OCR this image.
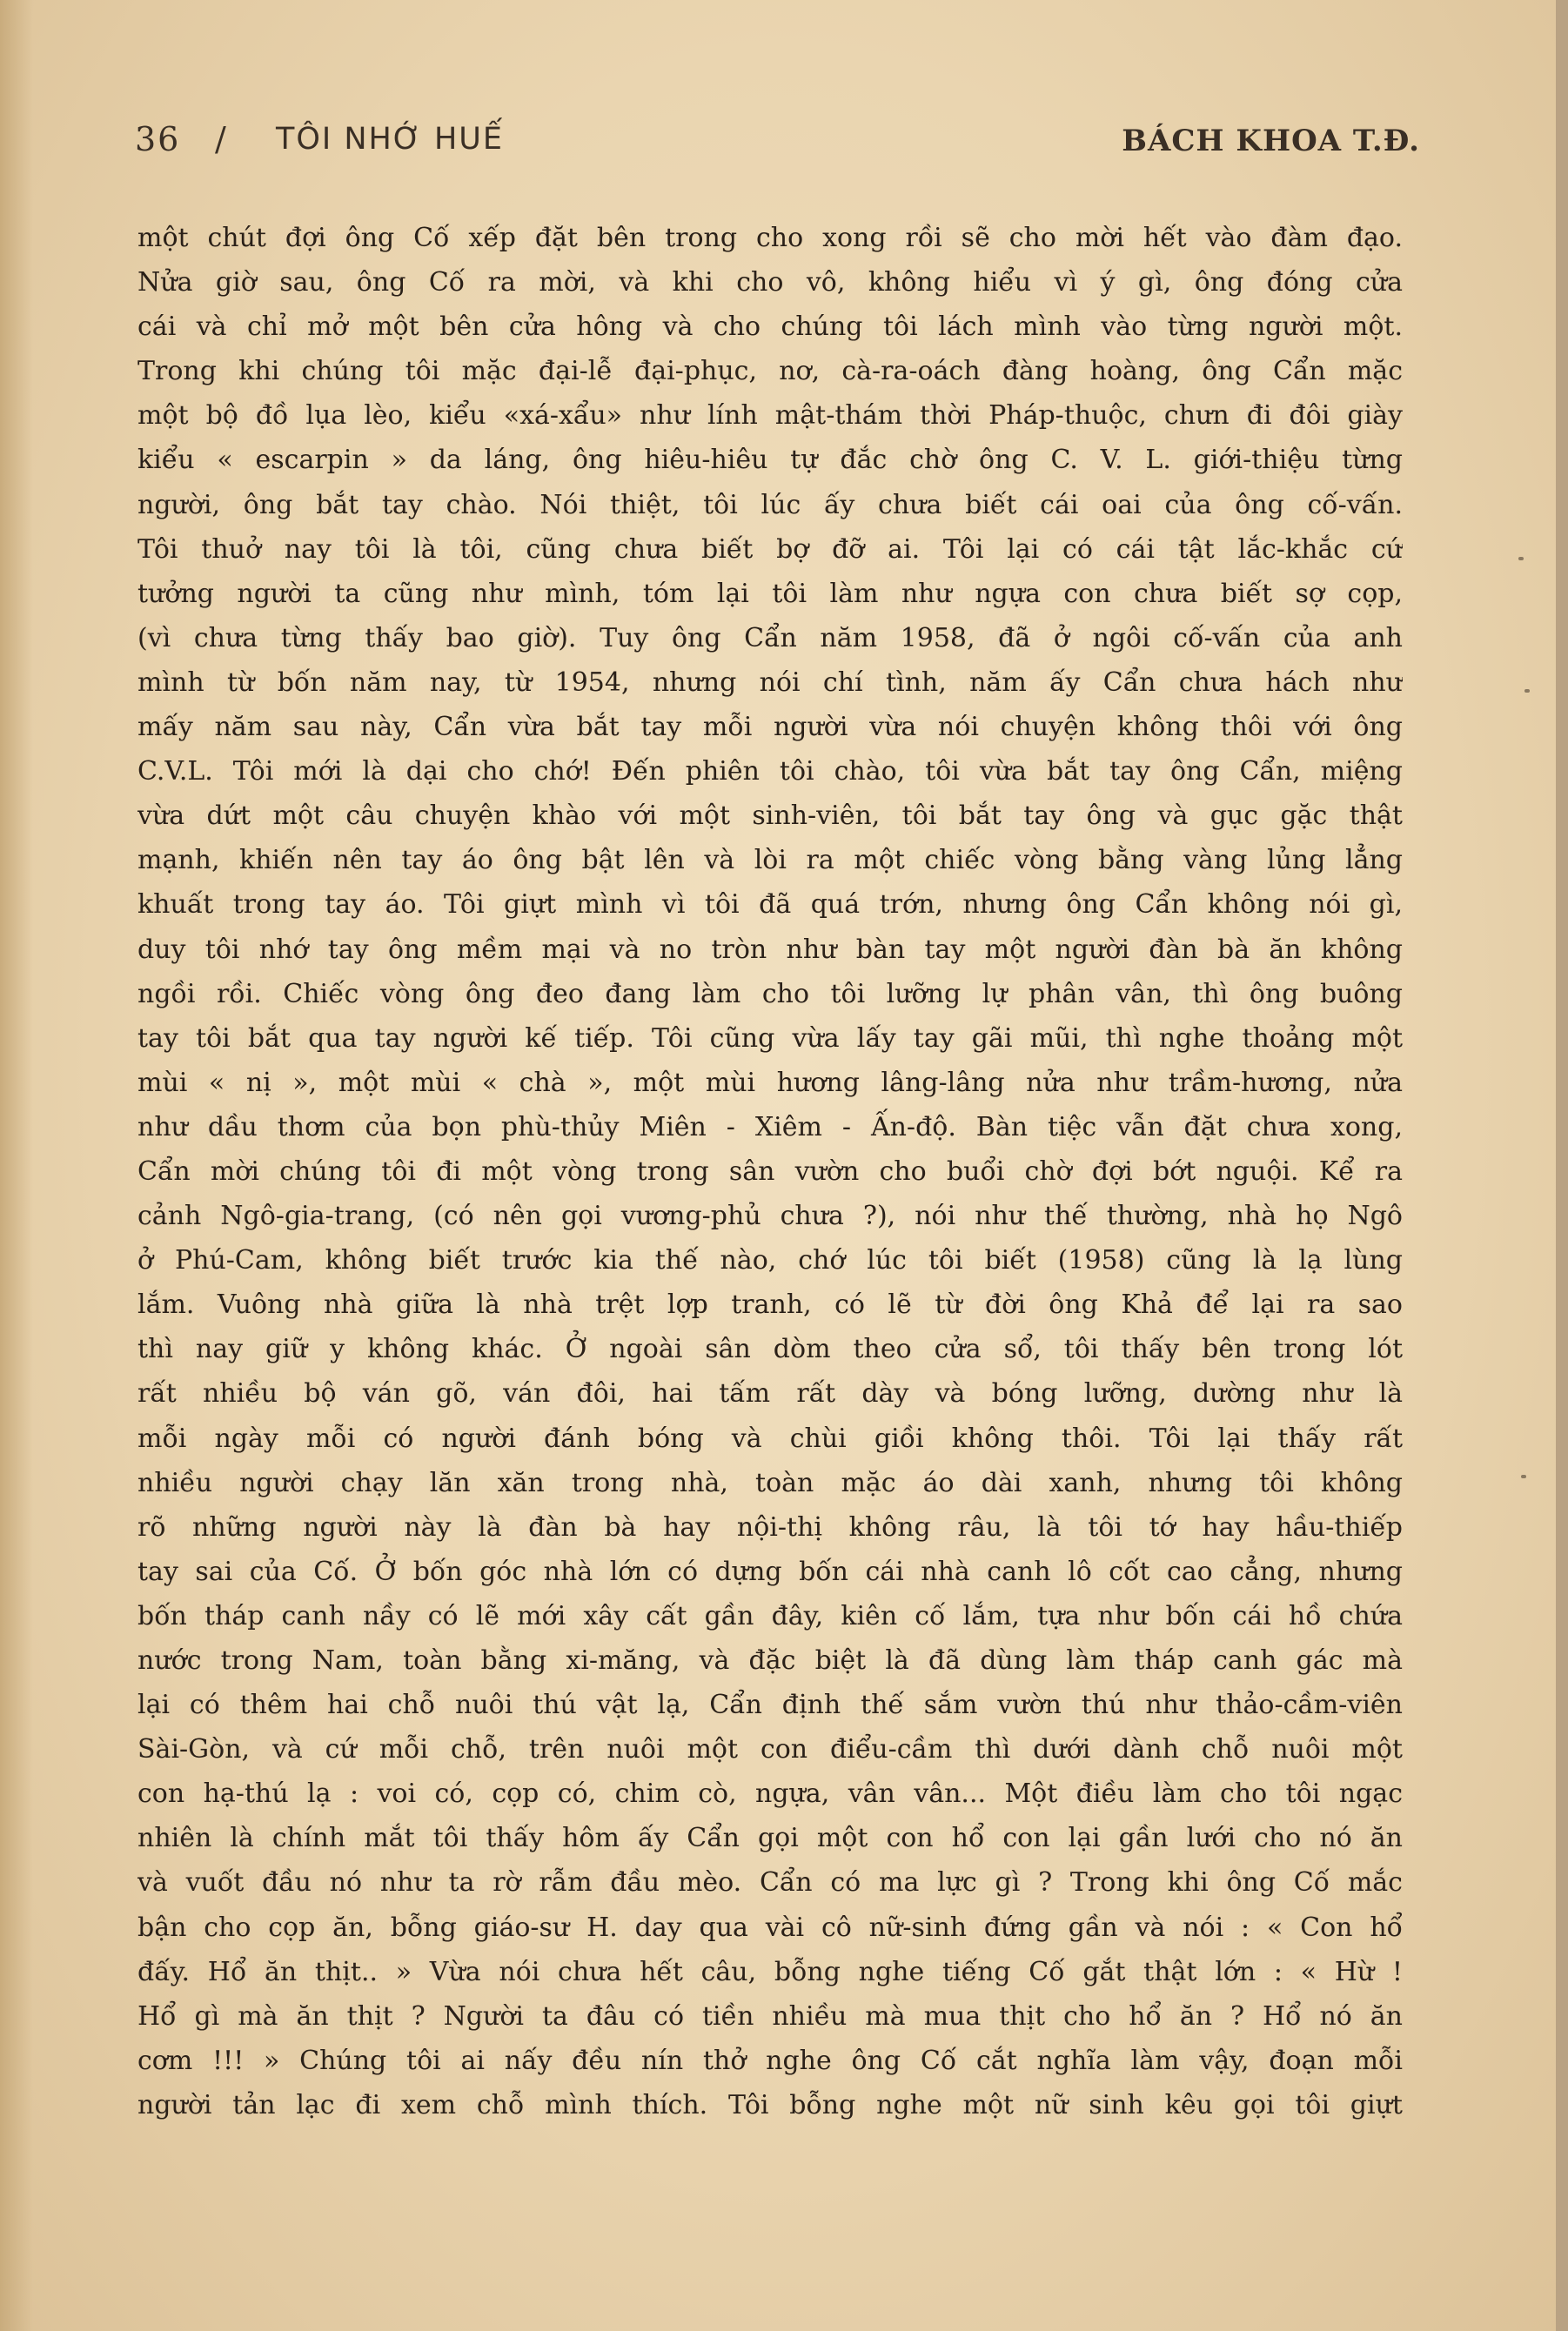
36 / TÔI NHỚ HUẾ	BÁCH KHOA T.Đ.
một chút đợi ông Cố xếp đặt bên trong cho xong rồi sẽ cho mời hết vào đàm đạo.
Nửa giờ sau, ông Cố ra mời, và khi cho vô, không hiểu vì ý gì, ông đóng cửa
cái và chỉ mở một bên cửa hông và cho chúng tôi lách mình vào từng người một.
Trong khi chúng tôi mặc đại-lễ đại-phục, nơ, cà-ra-oách đàng hoàng, ông Cẩn mặc
một bộ đồ lụa lèo, kiểu «xá-xẩu» như lính mật-thám thời Pháp-thuộc, chưn đi đôi giày
kiểu « escarpin » da láng, ông hiêu-hiêu tự đắc chờ ông C. V. L. giới-thiệu từng
người, ông bắt tay chào. Nói thiệt, tôi lúc ấy chưa biết cái oai của ông cố-vấn.
Tôi thuở nay tôi là tôi, cũng chưa biết bợ đỡ ai. Tôi lại có cái tật lắc-khắc cứ
tưởng người ta cũng như mình, tóm lại tôi làm như ngựa con chưa biết sợ cọp,
(vì chưa từng thấy bao giờ). Tuy ông Cẩn năm 1958, đã ở ngôi cố-vấn của anh
mình từ bốn năm nay, từ 1954, nhưng nói chí tình, năm ấy Cẩn chưa hách như
mấy năm sau này, Cẩn vừa bắt tay mỗi người vừa nói chuyện không thôi với ông
C.V.L. Tôi mới là dại cho chớ! Đến phiên tôi chào, tôi vừa bắt tay ông Cẩn, miệng
vừa dứt một câu chuyện khào với một sinh-viên, tôi bắt tay ông và gục gặc thật
mạnh, khiến nên tay áo ông bật lên và lòi ra một chiếc vòng bằng vàng lủng lẳng
khuất trong tay áo. Tôi giựt mình vì tôi đã quá trớn, nhưng ông Cẩn không nói gì,
duy tôi nhớ tay ông mềm mại và no tròn như bàn tay một người đàn bà ăn không
ngồi rồi. Chiếc vòng ông đeo đang làm cho tôi lưỡng lự phân vân, thì ông buông
tay tôi bắt qua tay người kế tiếp. Tôi cũng vừa lấy tay gãi mũi, thì nghe thoảng một
mùi « nị », một mùi « chà », một mùi hương lâng-lâng nửa như trầm-hương, nửa
như dầu thơm của bọn phù-thủy Miên - Xiêm - Ấn-độ. Bàn tiệc vẫn đặt chưa xong,
Cẩn mời chúng tôi đi một vòng trong sân vườn cho buổi chờ đợi bớt nguội. Kể ra
cảnh Ngô-gia-trang, (có nên gọi vương-phủ chưa ?), nói như thế thường, nhà họ Ngô
ở Phú-Cam, không biết trước kia thế nào, chớ lúc tôi biết (1958) cũng là lạ lùng
lắm. Vuông nhà giữa là nhà trệt lợp tranh, có lẽ từ đời ông Khả để lại ra sao
thì nay giữ y không khác. Ở ngoài sân dòm theo cửa sổ, tôi thấy bên trong lót
rất nhiều bộ ván gõ, ván đôi, hai tấm rất dày và bóng lưỡng, dường như là
mỗi ngày mỗi có người đánh bóng và chùi giồi không thôi. Tôi lại thấy rất
nhiều người chạy lăn xăn trong nhà, toàn mặc áo dài xanh, nhưng tôi không
rõ những người này là đàn bà hay nội-thị không râu, là tôi tớ hay hầu-thiếp
tay sai của Cố. Ở bốn góc nhà lớn có dựng bốn cái nhà canh lô cốt cao cẳng, nhưng
bốn tháp canh nầy có lẽ mới xây cất gần đây, kiên cố lắm, tựa như bốn cái hồ chứa
nước trong Nam, toàn bằng xi-măng, và đặc biệt là đã dùng làm tháp canh gác mà
lại có thêm hai chỗ nuôi thú vật lạ, Cẩn định thế sắm vườn thú như thảo-cầm-viên
Sài-Gòn, và cứ mỗi chỗ, trên nuôi một con điểu-cầm thì dưới dành chỗ nuôi một
con hạ-thú lạ : voi có, cọp có, chim cò, ngựa, vân vân... Một điều làm cho tôi ngạc
nhiên là chính mắt tôi thấy hôm ấy Cẩn gọi một con hổ con lại gần lưới cho nó ăn
và vuốt đầu nó như ta rờ rẫm đầu mèo. Cẩn có ma lực gì ? Trong khi ông Cố mắc
bận cho cọp ăn, bỗng giáo-sư H. day qua vài cô nữ-sinh đứng gần và nói : « Con hổ
đấy. Hổ ăn thịt.. » Vừa nói chưa hết câu, bỗng nghe tiếng Cố gắt thật lớn : « Hừ !
Hổ gì mà ăn thịt ? Người ta đâu có tiền nhiều mà mua thịt cho hổ ăn ? Hổ nó ăn
cơm !!! » Chúng tôi ai nấy đều nín thở nghe ông Cố cắt nghĩa làm vậy, đoạn mỗi
người tản lạc đi xem chỗ mình thích. Tôi bỗng nghe một nữ sinh kêu gọi tôi giựt
